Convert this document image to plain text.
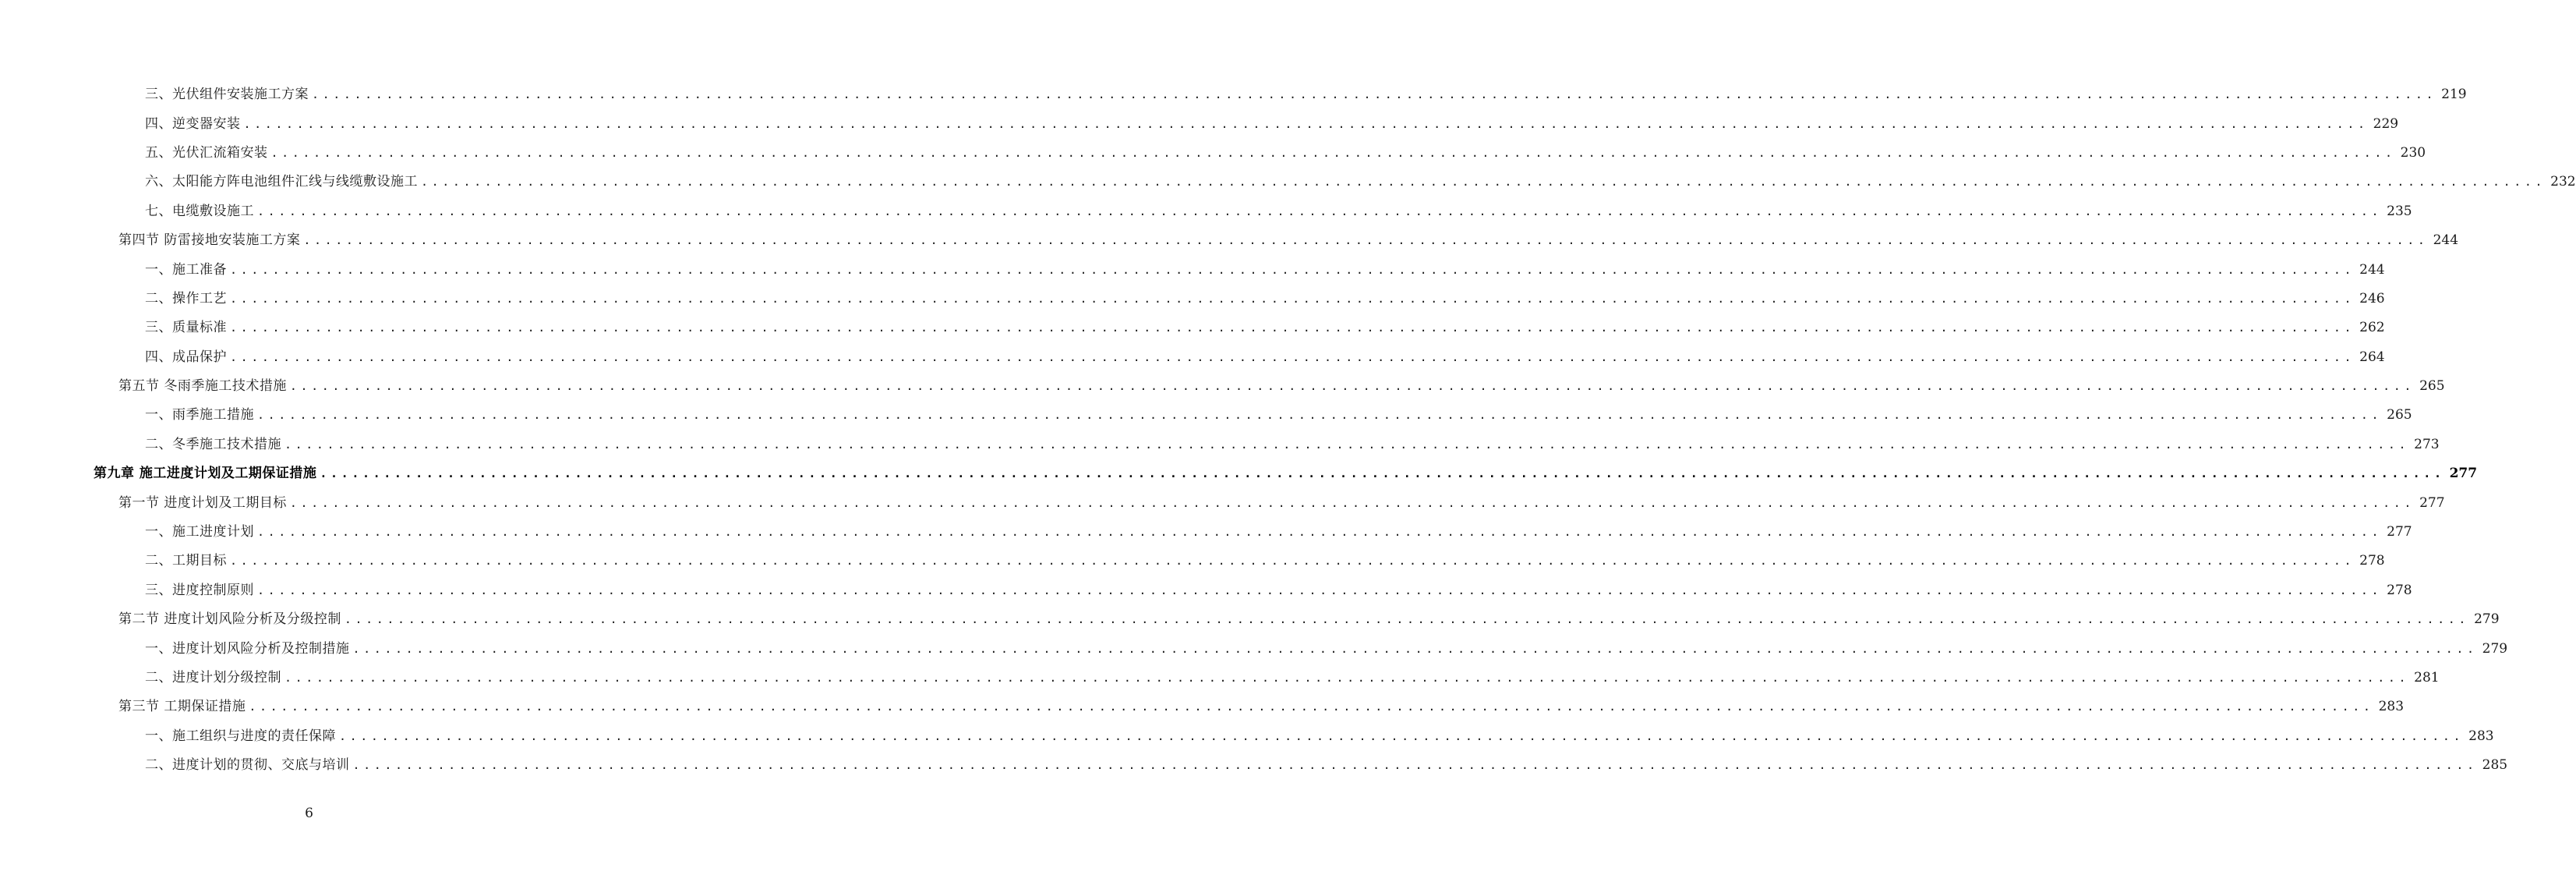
三、光伏组件安装施工方案 ........................................................................................................................................................................................................ 219
四、逆变器安装 ........................................................................................................................................................................................................ 229
五、光伏汇流箱安装 ........................................................................................................................................................................................................ 230
六、太阳能方阵电池组件汇线与线缆敷设施工 ........................................................................................................................................................................................................ 232
七、电缆敷设施工 ........................................................................................................................................................................................................ 235
第四节 防雷接地安装施工方案 ........................................................................................................................................................................................................ 244
一、施工准备 ........................................................................................................................................................................................................ 244
二、操作工艺 ........................................................................................................................................................................................................ 246
三、质量标准 ........................................................................................................................................................................................................ 262
四、成品保护 ........................................................................................................................................................................................................ 264
第五节 冬雨季施工技术措施 ........................................................................................................................................................................................................ 265
一、雨季施工措施 ........................................................................................................................................................................................................ 265
二、冬季施工技术措施 ........................................................................................................................................................................................................ 273
第九章 施工进度计划及工期保证措施 ........................................................................................................................................................................................................ 277
第一节 进度计划及工期目标 ........................................................................................................................................................................................................ 277
一、施工进度计划 ........................................................................................................................................................................................................ 277
二、工期目标 ........................................................................................................................................................................................................ 278
三、进度控制原则 ........................................................................................................................................................................................................ 278
第二节 进度计划风险分析及分级控制 ........................................................................................................................................................................................................ 279
一、进度计划风险分析及控制措施 ........................................................................................................................................................................................................ 279
二、进度计划分级控制 ........................................................................................................................................................................................................ 281
第三节 工期保证措施 ........................................................................................................................................................................................................ 283
一、施工组织与进度的责任保障 ........................................................................................................................................................................................................ 283
二、进度计划的贯彻、交底与培训 ........................................................................................................................................................................................................ 285
6
